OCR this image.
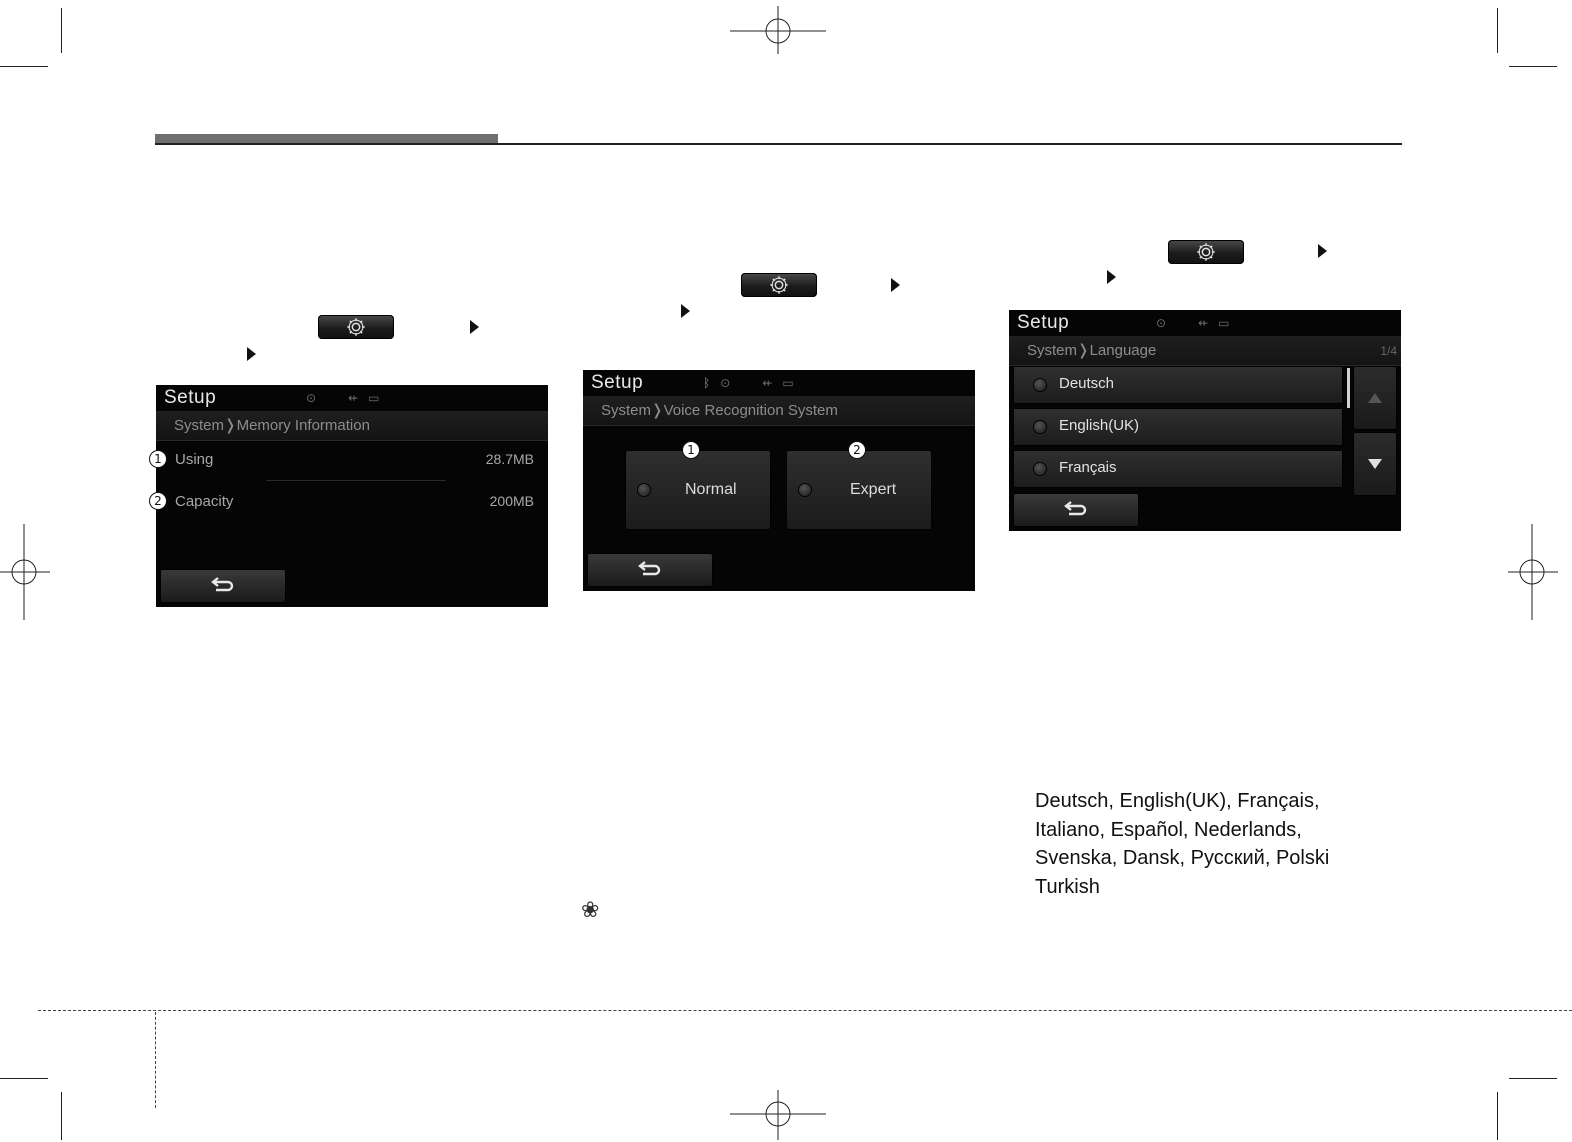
Setup	⊙	⇷ ▭
System❭Memory Information
Using	28.7MB
Capacity	200MB
1
2
Setup	ᛒ ⊙	⇷ ▭
System❭Voice Recognition System
Normal	Expert
1	2
❀
Setup	⊙	⇷ ▭
System❭Language	1/4
Deutsch
English(UK)
Français
Deutsch, English(UK), Français,
Italiano, Español, Nederlands,
Svenska, Dansk, Русский, Polski
Turkish
